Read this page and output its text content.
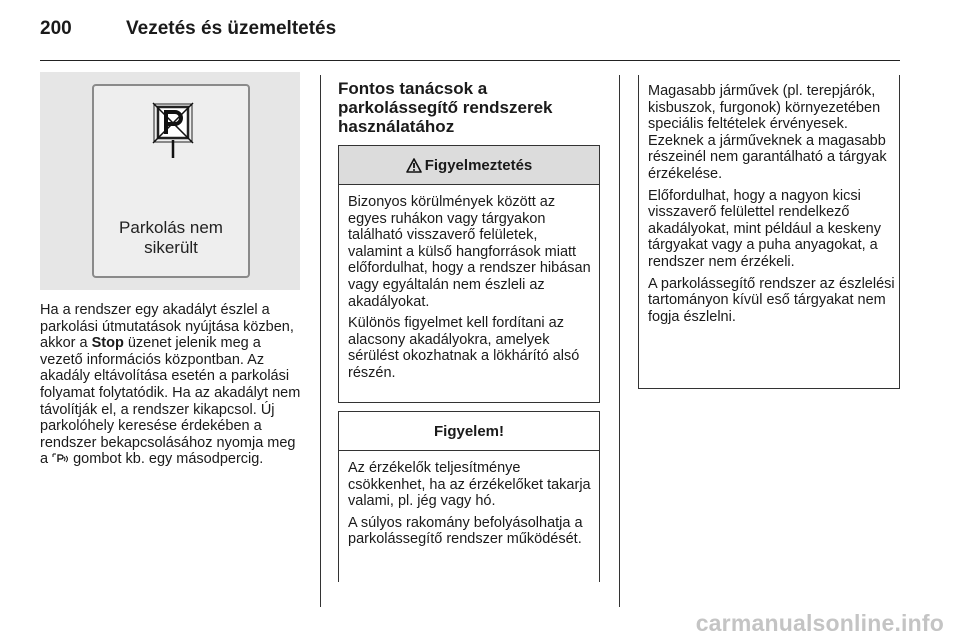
200	Vezetés és üzemeltetés
Parkolás nem
sikerült
Ha a rendszer egy akadályt észlel a parkolási útmutatások nyújtása közben, akkor a Stop üzenet jelenik meg a vezető információs központban. Az akadály eltávolítása esetén a parkolási folyamat folytatódik. Ha az akadályt nem távolítják el, a rendszer kikapcsol. Új parkolóhely keresése érdekében a rendszer bekapcsolásához nyomja meg a  gombot kb. egy másodpercig.
Fontos tanácsok a parkolássegítő rendszerek használatához
Figyelmeztetés

Bizonyos körülmények között az egyes ruhákon vagy tárgyakon található visszaverő felületek, valamint a külső hangforrások miatt előfordulhat, hogy a rendszer hibásan vagy egyáltalán nem észleli az akadályokat.

Különös figyelmet kell fordítani az alacsony akadályokra, amelyek sérülést okozhatnak a lökhárító alsó részén.

Figyelem!

Az érzékelők teljesítménye csökkenhet, ha az érzékelőket takarja valami, pl. jég vagy hó.

A súlyos rakomány befolyásolhatja a parkolássegítő rendszer működését.

Magasabb járművek (pl. terepjárók, kisbuszok, furgonok) környezetében speciális feltételek érvényesek. Ezeknek a járműveknek a magasabb részeinél nem garantálható a tárgyak érzékelése.

Előfordulhat, hogy a nagyon kicsi visszaverő felülettel rendelkező akadályokat, mint például a keskeny tárgyakat vagy a puha anyagokat, a rendszer nem érzékeli.

A parkolássegítő rendszer az észlelési tartományon kívül eső tárgyakat nem fogja észlelni.

carmanualsonline.info
